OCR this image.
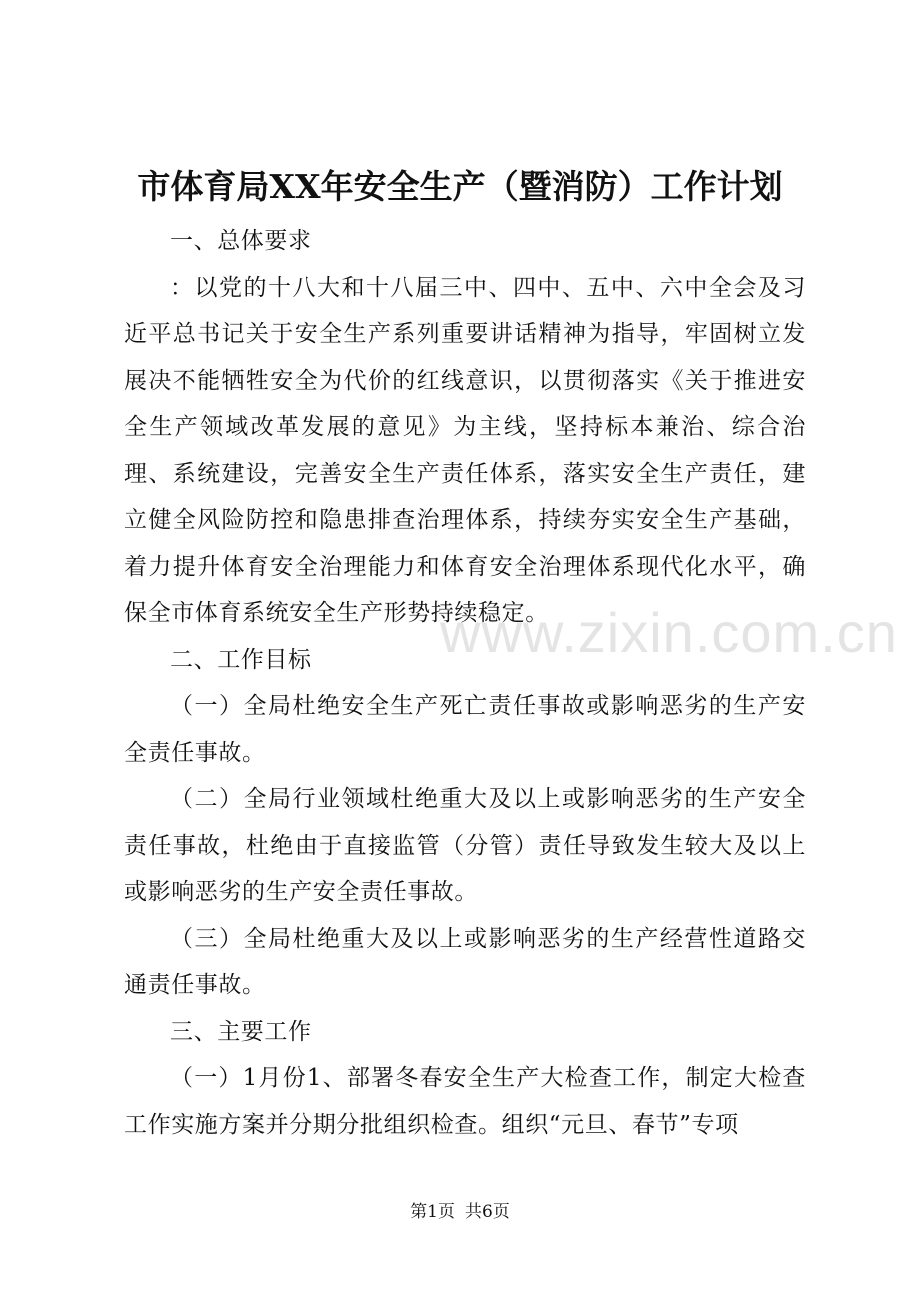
市体育局XX年安全生产（暨消防）工作计划

一、总体要求

：以党的十八大和十八届三中、四中、五中、六中全会及习近平总书记关于安全生产系列重要讲话精神为指导，牢固树立发展决不能牺牲安全为代价的红线意识，以贯彻落实《关于推进安全生产领域改革发展的意见》为主线，坚持标本兼治、综合治理、系统建设，完善安全生产责任体系，落实安全生产责任，建立健全风险防控和隐患排查治理体系，持续夯实安全生产基础，着力提升体育安全治理能力和体育安全治理体系现代化水平，确保全市体育系统安全生产形势持续稳定。

二、工作目标

（一）全局杜绝安全生产死亡责任事故或影响恶劣的生产安全责任事故。

（二）全局行业领域杜绝重大及以上或影响恶劣的生产安全责任事故，杜绝由于直接监管（分管）责任导致发生较大及以上或影响恶劣的生产安全责任事故。

（三）全局杜绝重大及以上或影响恶劣的生产经营性道路交通责任事故。

三、主要工作

（一）1月份1、部署冬春安全生产大检查工作，制定大检查工作实施方案并分期分批组织检查。组织“元旦、春节”专项

www.zixin.com.cn
第1页 共6页
